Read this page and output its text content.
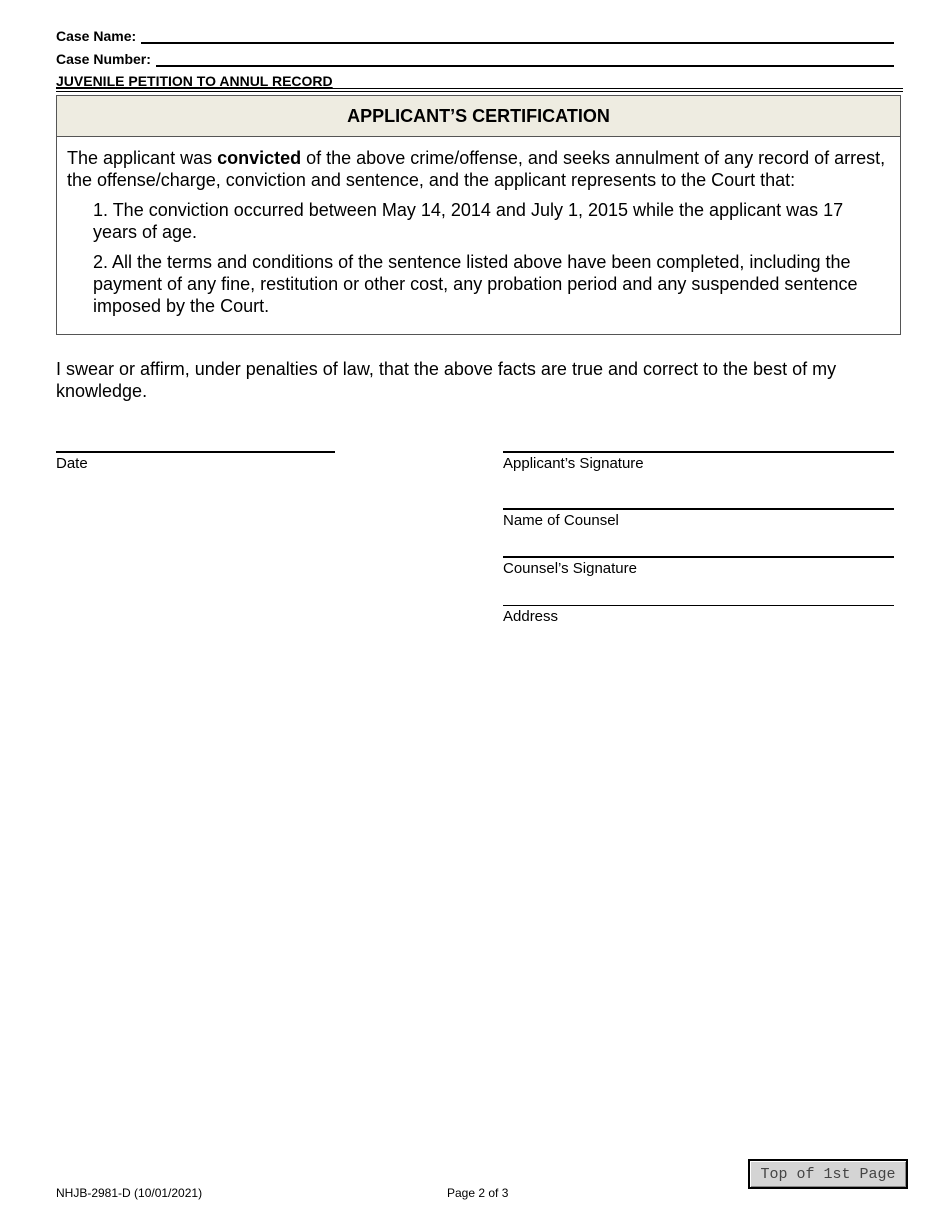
Case Name:
Case Number:
JUVENILE PETITION TO ANNUL RECORD
APPLICANT’S CERTIFICATION

The applicant was convicted of the above crime/offense, and seeks annulment of any record of arrest, the offense/charge, conviction and sentence, and the applicant represents to the Court that:

1. The conviction occurred between May 14, 2014 and July 1, 2015 while the applicant was 17 years of age.

2. All the terms and conditions of the sentence listed above have been completed, including the payment of any fine, restitution or other cost, any probation period and any suspended sentence imposed by the Court.

I swear or affirm, under penalties of law, that the above facts are true and correct to the best of my knowledge.
Date	Applicant’s Signature
Name of Counsel
Counsel’s Signature
Address
Top of 1st Page
NHJB-2981-D (10/01/2021)	Page 2 of 3
